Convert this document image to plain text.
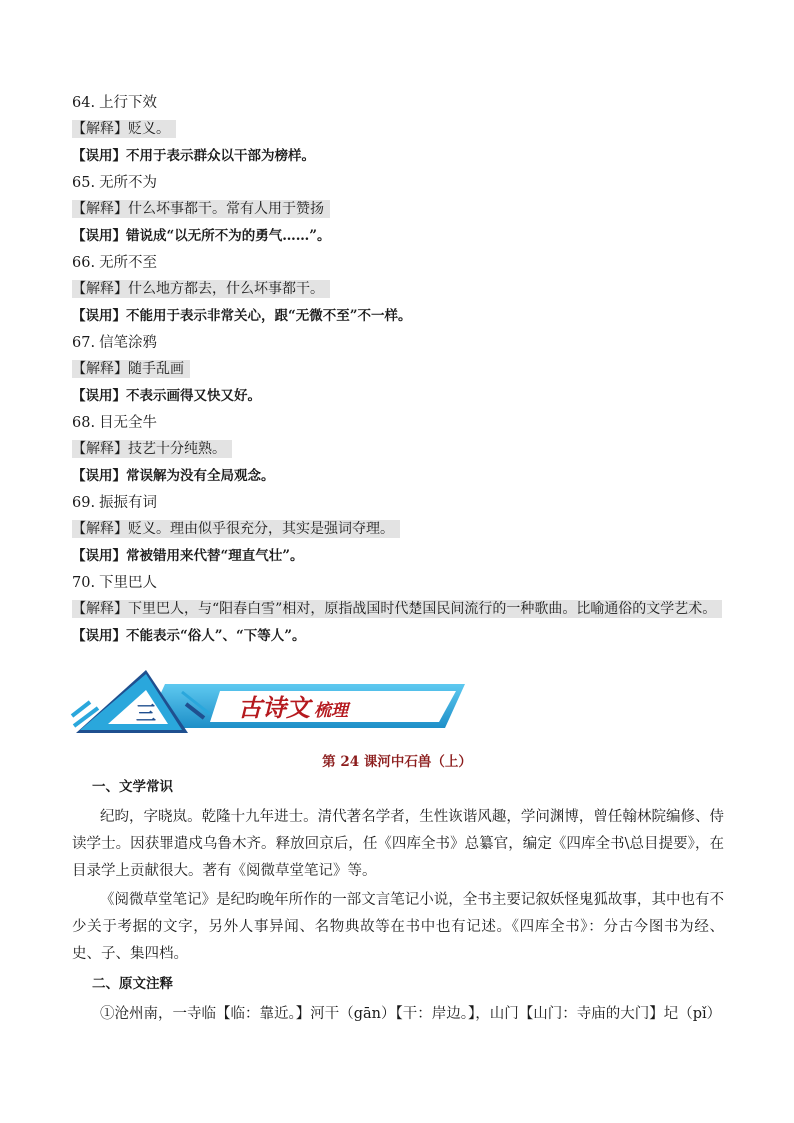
64. 上行下效
【解释】贬义。
【误用】不用于表示群众以干部为榜样。
65. 无所不为
【解释】什么坏事都干。常有人用于赞扬
【误用】错说成“以无所不为的勇气……”。
66. 无所不至
【解释】什么地方都去，什么坏事都干。
【误用】不能用于表示非常关心，跟“无微不至”不一样。
67. 信笔涂鸦
【解释】随手乱画
【误用】不表示画得又快又好。
68. 目无全牛
【解释】技艺十分纯熟。
【误用】常误解为没有全局观念。
69. 振振有词
【解释】贬义。理由似乎很充分，其实是强词夺理。
【误用】常被错用来代替“理直气壮”。
70. 下里巴人
【解释】下里巴人，与“阳春白雪”相对，原指战国时代楚国民间流行的一种歌曲。比喻通俗的文学艺术。
【误用】不能表示“俗人”、“下等人”。
三	古诗文 梳理
第 24 课河中石兽（上）
一、文学常识

纪昀，字晓岚。乾隆十九年进士。清代著名学者，生性诙谐风趣，学问渊博，曾任翰林院编修、侍读学士。因获罪遣戍乌鲁木齐。释放回京后，任《四库全书》总纂官，编定《四库全书\总目提要》，在目录学上贡献很大。著有《阅微草堂笔记》等。

《阅微草堂笔记》是纪昀晚年所作的一部文言笔记小说，全书主要记叙妖怪鬼狐故事，其中也有不少关于考据的文字，另外人事异闻、名物典故等在书中也有记述。《四库全书》：分古今图书为经、史、子、集四档。

二、原文注释

①沧州南，一寺临【临：靠近。】河干（gān）【干：岸边。】，山门【山门：寺庙的大门】圮（pǐ）
